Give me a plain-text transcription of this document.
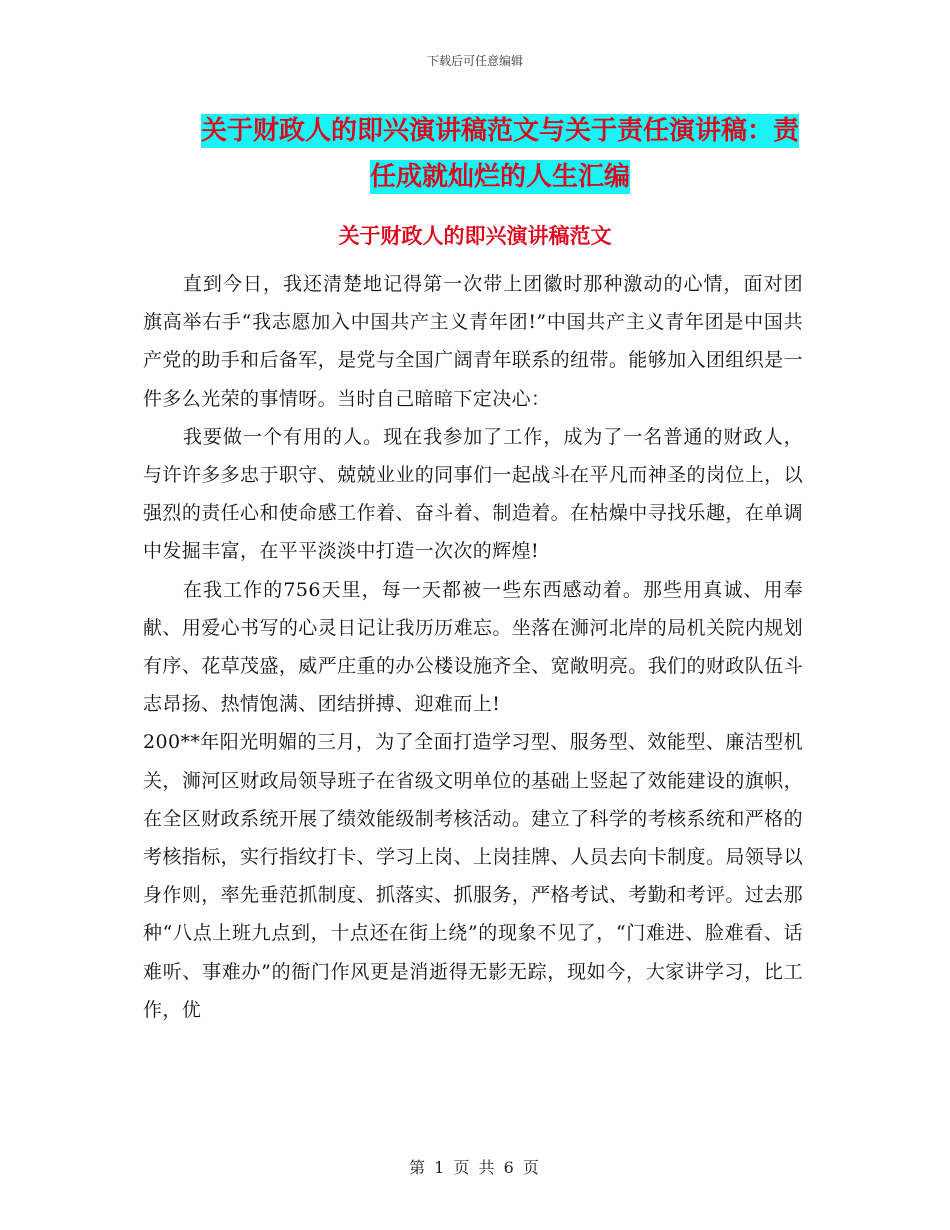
下载后可任意编辑
关于财政人的即兴演讲稿范文与关于责任演讲稿：责
任成就灿烂的人生汇编
关于财政人的即兴演讲稿范文

直到今日，我还清楚地记得第一次带上团徽时那种激动的心情，面对团旗高举右手“我志愿加入中国共产主义青年团!”中国共产主义青年团是中国共产党的助手和后备军，是党与全国广阔青年联系的纽带。能够加入团组织是一件多么光荣的事情呀。当时自己暗暗下定决心：

我要做一个有用的人。现在我参加了工作，成为了一名普通的财政人，与许许多多忠于职守、兢兢业业的同事们一起战斗在平凡而神圣的岗位上，以强烈的责任心和使命感工作着、奋斗着、制造着。在枯燥中寻找乐趣，在单调中发掘丰富，在平平淡淡中打造一次次的辉煌!

在我工作的756天里，每一天都被一些东西感动着。那些用真诚、用奉献、用爱心书写的心灵日记让我历历难忘。坐落在浉河北岸的局机关院内规划有序、花草茂盛，威严庄重的办公楼设施齐全、宽敞明亮。我们的财政队伍斗志昂扬、热情饱满、团结拼搏、迎难而上!

200**年阳光明媚的三月，为了全面打造学习型、服务型、效能型、廉洁型机关，浉河区财政局领导班子在省级文明单位的基础上竖起了效能建设的旗帜，在全区财政系统开展了绩效能级制考核活动。建立了科学的考核系统和严格的考核指标，实行指纹打卡、学习上岗、上岗挂牌、人员去向卡制度。局领导以身作则，率先垂范抓制度、抓落实、抓服务，严格考试、考勤和考评。过去那种“八点上班九点到，十点还在街上绕”的现象不见了，“门难进、脸难看、话难听、事难办”的衙门作风更是消逝得无影无踪，现如今，大家讲学习，比工作，优

第 1 页 共 6 页
